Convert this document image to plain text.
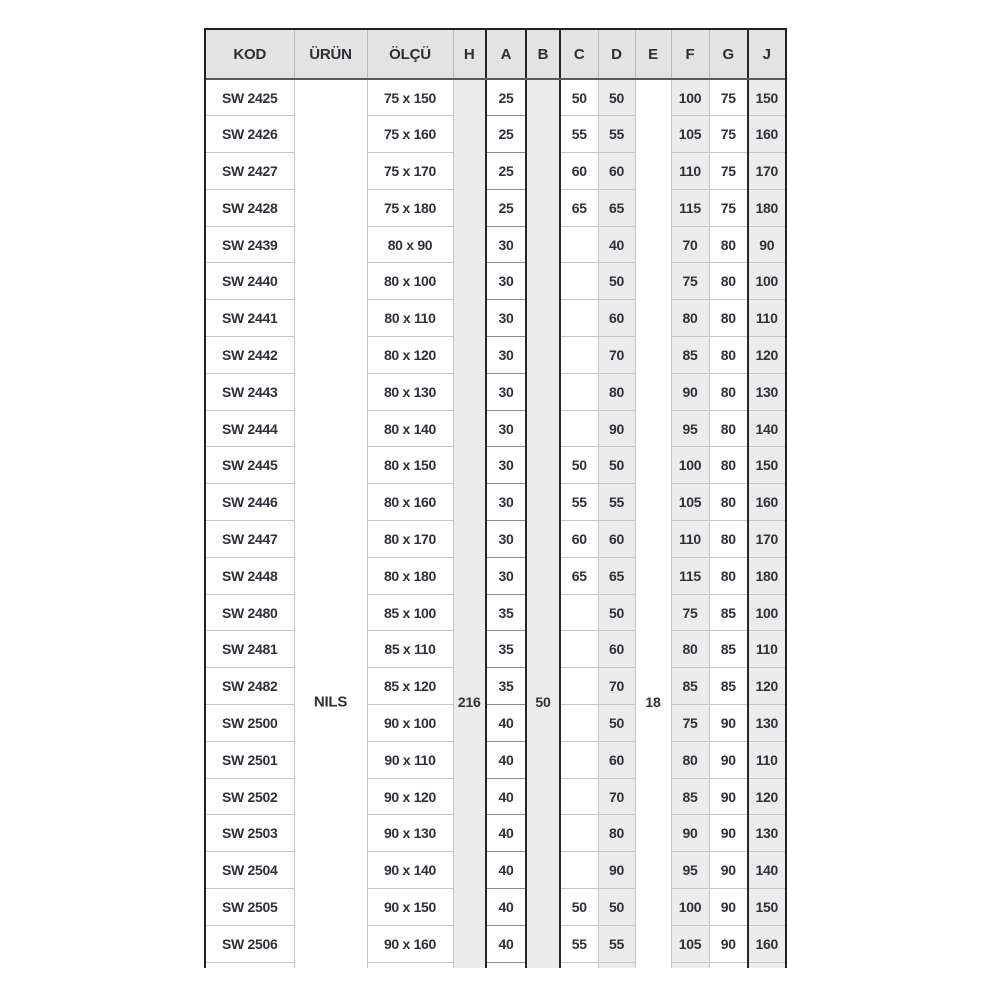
KOD	ÜRÜN	ÖLÇÜ	H	A	B	C	D	E	F	G	J
SW 2425	NILS	75 x 150	216	25	50	50	50	18	100	75	150
SW 2426		75 x 160		25		55	55		105	75	160
SW 2427		75 x 170		25		60	60		110	75	170
SW 2428		75 x 180		25		65	65		115	75	180
SW 2439		80 x 90		30			40		70	80	90
SW 2440		80 x 100		30			50		75	80	100
SW 2441		80 x 110		30			60		80	80	110
SW 2442		80 x 120		30			70		85	80	120
SW 2443		80 x 130		30			80		90	80	130
SW 2444		80 x 140		30			90		95	80	140
SW 2445		80 x 150		30		50	50		100	80	150
SW 2446		80 x 160		30		55	55		105	80	160
SW 2447		80 x 170		30		60	60		110	80	170
SW 2448		80 x 180		30		65	65		115	80	180
SW 2480		85 x 100		35			50		75	85	100
SW 2481		85 x 110		35			60		80	85	110
SW 2482		85 x 120		35			70		85	85	120
SW 2500		90 x 100		40			50		75	90	130
SW 2501		90 x 110		40			60		80	90	110
SW 2502		90 x 120		40			70		85	90	120
SW 2503		90 x 130		40			80		90	90	130
SW 2504		90 x 140		40			90		95	90	140
SW 2505		90 x 150		40		50	50		100	90	150
SW 2506		90 x 160		40		55	55		105	90	160
